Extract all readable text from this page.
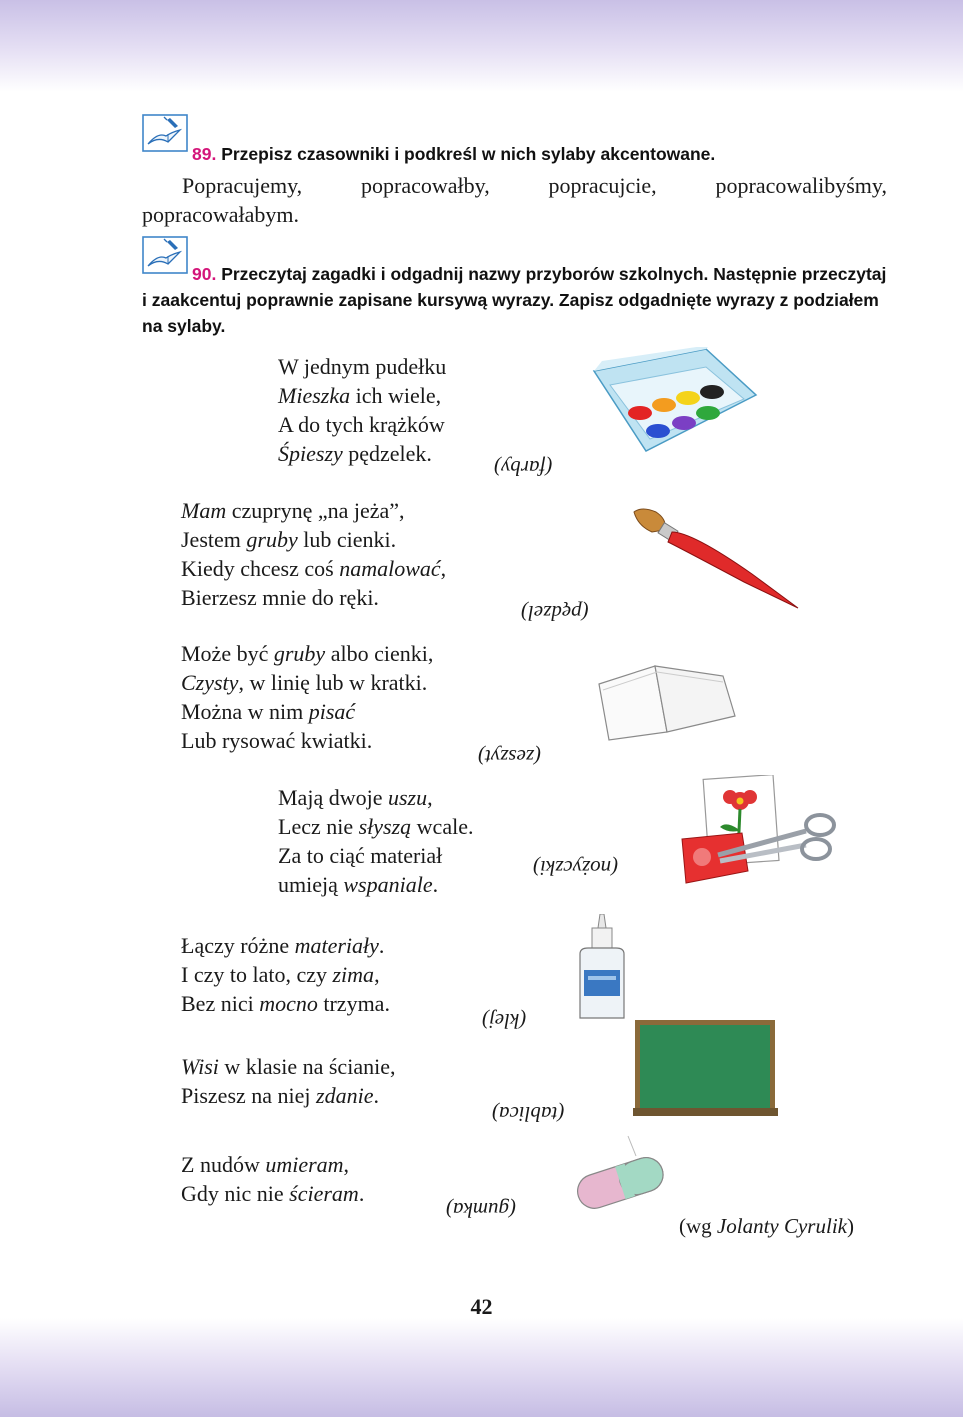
89. Przepisz czasowniki i podkreśl w nich sylaby akcentowane.
Popracujemy, popracowałby, popracujcie, popracowalibyśmy, popracowałabym.
90. Przeczytaj zagadki i odgadnij nazwy przyborów szkolnych. Następnie przeczytaj i zaakcentuj poprawnie zapisane kursywą wyrazy. Zapisz odgadnięte wyrazy z podziałem na sylaby.
W jednym pudełku
Mieszka ich wiele,
A do tych krążków
Śpieszy pędzelek.
Mam czuprynę „na jeża”,
Jestem gruby lub cienki.
Kiedy chcesz coś namalować,
Bierzesz mnie do ręki.
Może być gruby albo cienki,
Czysty, w linię lub w kratki.
Można w nim pisać
Lub rysować kwiatki.
Mają dwoje uszu,
Lecz nie słyszą wcale.
Za to ciąć materiał
umieją wspaniale.
Łączy różne materiały.
I czy to lato, czy zima,
Bez nici mocno trzyma.
Wisi w klasie na ścianie,
Piszesz na niej zdanie.
Z nudów umieram,
Gdy nic nie ścieram.
(farby)
(pędzel)
(zeszyt)
(nożyczki)
(klej)
(tablica)
(gumka)
(wg Jolanty Cyrulik)
42
